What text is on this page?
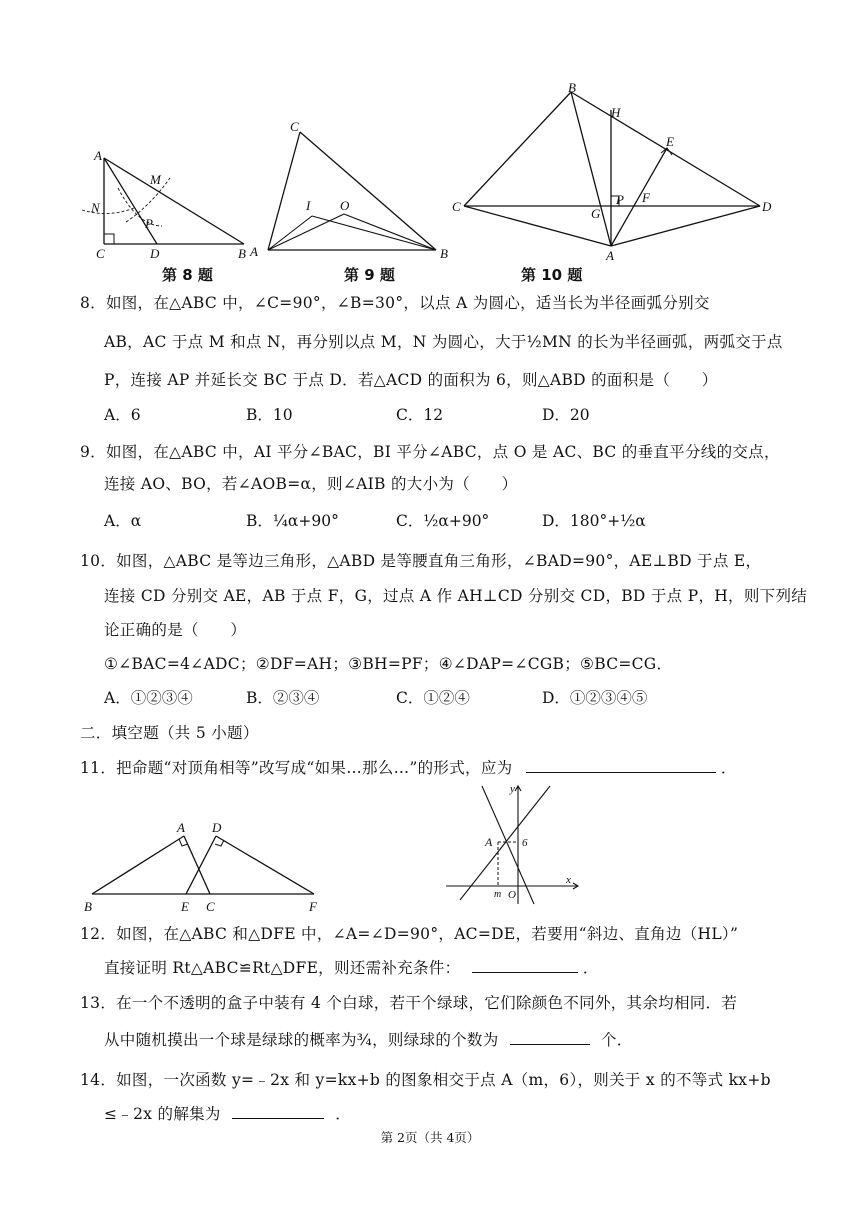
A
M
N
P
C	D	B
C
I O
A	B
B
H
E
C	P F
D
G
A
第 8 题	第 9 题	第 10 题
8．如图，在△ABC 中，∠C=90°，∠B=30°，以点 A 为圆心，适当长为半径画弧分别交
AB，AC 于点 M 和点 N，再分别以点 M，N 为圆心，大于½MN 的长为半径画弧，两弧交于点
P，连接 AP 并延长交 BC 于点 D．若△ACD 的面积为 6，则△ABD 的面积是（　　）
A．6	B．10	C．12	D．20
9．如图，在△ABC 中，AI 平分∠BAC，BI 平分∠ABC，点 O 是 AC、BC 的垂直平分线的交点，
连接 AO、BO，若∠AOB=α，则∠AIB 的大小为（　　）
A．α	B．¼α+90°	C．½α+90°	D．180°+½α
10．如图，△ABC 是等边三角形，△ABD 是等腰直角三角形，∠BAD=90°，AE⊥BD 于点 E，
连接 CD 分别交 AE，AB 于点 F，G，过点 A 作 AH⊥CD 分别交 CD，BD 于点 P，H，则下列结
论正确的是（　　）
①∠BAC=4∠ADC；②DF=AH；③BH=PF；④∠DAP=∠CGB；⑤BC=CG．
A．①②③④	B．②③④	C．①②④	D．①②③④⑤
二．填空题（共 5 小题）
11．把命题“对顶角相等”改写成“如果…那么…”的形式，应为	．
A D
B	E C	F
y
A	6
x
m O
12．如图，在△ABC 和△DFE 中，∠A=∠D=90°，AC=DE，若要用“斜边、直角边（HL）”
直接证明 Rt△ABC≌Rt△DFE，则还需补充条件：	．
13．在一个不透明的盒子中装有 4 个白球，若干个绿球，它们除颜色不同外，其余均相同．若
从中随机摸出一个球是绿球的概率为¾，则绿球的个数为	个．
14．如图，一次函数 y=﹣2x 和 y=kx+b 的图象相交于点 A（m，6），则关于 x 的不等式 kx+b
≤﹣2x 的解集为	．
第 2页（共 4页）
